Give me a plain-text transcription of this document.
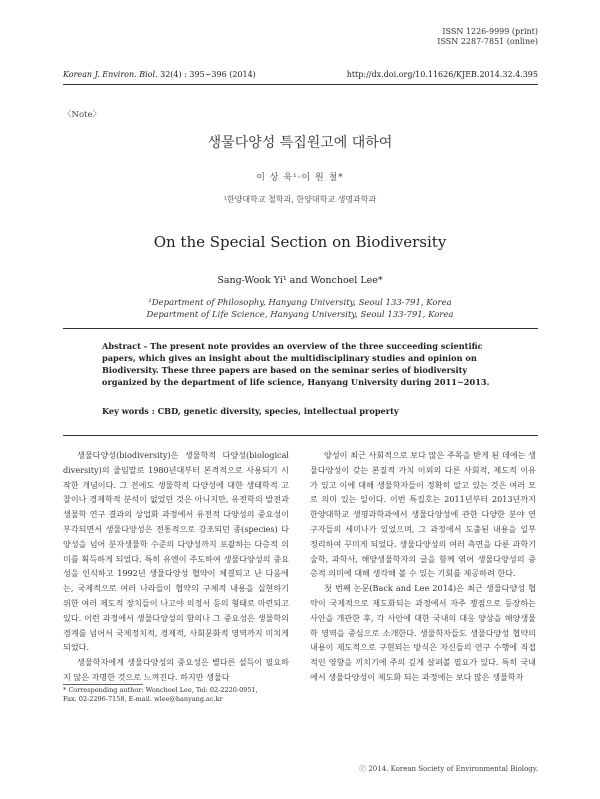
ISSN 1226-9999 (print)
ISSN 2287-7851 (online)
Korean J. Environ. Biol. 32(4) : 395~396 (2014)	http://dx.doi.org/10.11626/KJEB.2014.32.4.395
〈Note〉
생물다양성 특집원고에 대하여
이 상 욱¹·이 원 철*
¹한양대학교 철학과, 한양대학교 생명과학과
On the Special Section on Biodiversity
Sang-Wook Yi¹ and Wonchoel Lee*
¹Department of Philosophy, Hanyang University, Seoul 133-791, Korea
Department of Life Science, Hanyang University, Seoul 133-791, Korea
Abstract - The present note provides an overview of the three succeeding scientific papers, which gives an insight about the multidisciplinary studies and opinion on Biodiversity. These three papers are based on the seminar series of biodiversity organized by the department of life science, Hanyang University during 2011∼2013.
Key words : CBD, genetic diversity, species, intellectual property

생물다양성(biodiversity)은 생물학적 다양성(biological diversity)의 줄임말로 1980년대부터 본격적으로 사용되기 시작한 개념이다. 그 전에도 생물학적 다양성에 대한 생태학적 고찰이나 경제학적 분석이 없었던 것은 아니지만, 유전학의 발전과 생물학 연구 결과의 상업화 과정에서 유전적 다양성의 중요성이 부각되면서 생물다양성은 전통적으로 강조되던 종(species) 다양성을 넘어 분자생물학 수준의 다양성까지 포괄하는 다층적 의미를 획득하게 되었다. 특히 유엔이 주도하여 생물다양성의 중요성을 인식하고 1992년 생물다양성 협약이 체결되고 난 다음에는, 국제적으로 여러 나라들이 협약의 구체적 내용을 실현하기 위한 여러 제도적 장치들이 나고야 의정서 등의 형태로 마련되고 있다. 이런 과정에서 생물다양성의 함의나 그 중요성은 생물학의 경계를 넘어서 국제정치적, 경제적, 사회문화적 영역까지 미치게 되었다.

생물학자에게 생물다양성의 중요성은 별다른 설득이 필요하지 않은 자명한 것으로 느껴진다. 하지만 생물다

양성이 최근 사회적으로 보다 많은 주목을 받게 된 데에는 생물다양성이 갖는 본질적 가치 이외의 다른 사회적, 제도적 이유가 있고 이에 대해 생물학자들이 정확히 알고 있는 것은 여러 모로 의미 있는 일이다. 이번 특집호는 2011년부터 2013년까지 한양대학교 생명과학과에서 생물다양성에 관한 다양한 분야 연구자들의 세미나가 있었으며, 그 과정에서 도출된 내용을 일부 정리하여 꾸미게 되었다. 생물다양성의 여러 측면을 다룬 과학기술학, 과학사, 해양생물학자의 글을 함께 엮어 생물다양성의 중층적 의미에 대해 생각해 볼 수 있는 기회를 제공하려 한다.

첫 번째 논문(Back and Lee 2014)은 최근 생물다양성 협약이 국제적으로 제도화되는 과정에서 자주 쟁점으로 등장하는 사안을 개관한 후, 각 사안에 대한 국내의 대응 양상을 해양생물학 영역을 중심으로 소개한다. 생물학자들도 생물다양성 협약의 내용이 제도적으로 구현되는 방식은 자신들의 연구 수행에 직접적인 영향을 끼치기에 주의 깊게 살펴볼 필요가 있다. 특히 국내에서 생물다양성이 제도화 되는 과정에는 보다 많은 생물학자

* Corresponding author: Wonchoel Lee, Tel: 02-2220-0951,
Fax. 02-2296-7158, E-mail. wlee@hanyang.ac.kr
ⓒ 2014. Korean Society of Environmental Biology.
